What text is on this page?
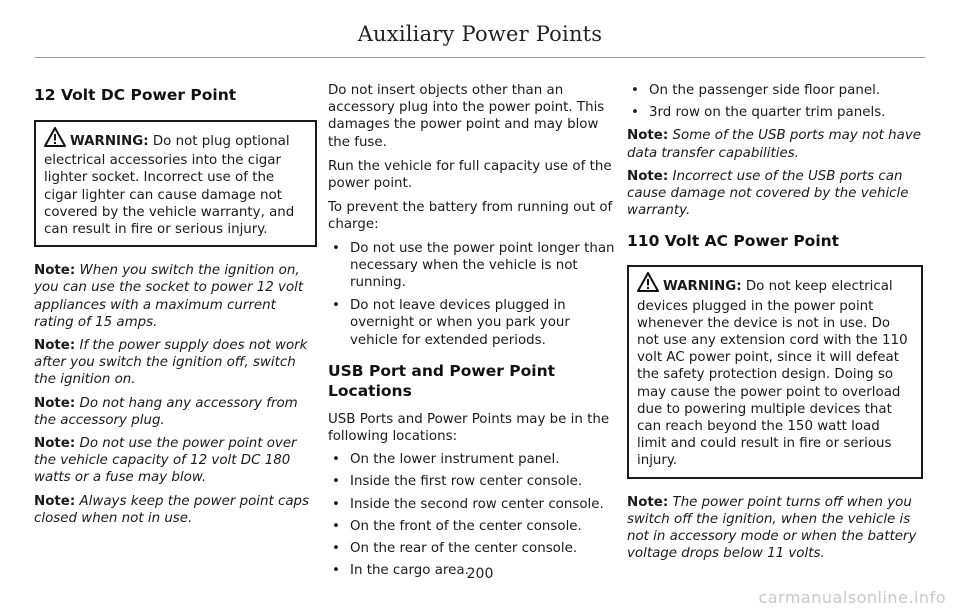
Auxiliary Power Points
12 Volt DC Power Point
WARNING: Do not plug optional electrical accessories into the cigar lighter socket. Incorrect use of the cigar lighter can cause damage not covered by the vehicle warranty, and can result in fire or serious injury.

Note: When you switch the ignition on, you can use the socket to power 12 volt appliances with a maximum current rating of 15 amps.

Note: If the power supply does not work after you switch the ignition off, switch the ignition on.

Note: Do not hang any accessory from the accessory plug.

Note: Do not use the power point over the vehicle capacity of 12 volt DC 180 watts or a fuse may blow.

Note: Always keep the power point caps closed when not in use.

Do not insert objects other than an accessory plug into the power point. This damages the power point and may blow the fuse.

Run the vehicle for full capacity use of the power point.

To prevent the battery from running out of charge:

• Do not use the power point longer than necessary when the vehicle is not running.
• Do not leave devices plugged in overnight or when you park your vehicle for extended periods.
USB Port and Power Point Locations

USB Ports and Power Points may be in the following locations:

• On the lower instrument panel.
• Inside the first row center console.
• Inside the second row center console.
• On the front of the center console.
• On the rear of the center console.
• In the cargo area.
• On the passenger side floor panel.
• 3rd row on the quarter trim panels.

Note: Some of the USB ports may not have data transfer capabilities.

Note: Incorrect use of the USB ports can cause damage not covered by the vehicle warranty.

110 Volt AC Power Point
WARNING: Do not keep electrical devices plugged in the power point whenever the device is not in use. Do not use any extension cord with the 110 volt AC power point, since it will defeat the safety protection design. Doing so may cause the power point to overload due to powering multiple devices that can reach beyond the 150 watt load limit and could result in fire or serious injury.

Note: The power point turns off when you switch off the ignition, when the vehicle is not in accessory mode or when the battery voltage drops below 11 volts.

200
carmanualsonline.info
